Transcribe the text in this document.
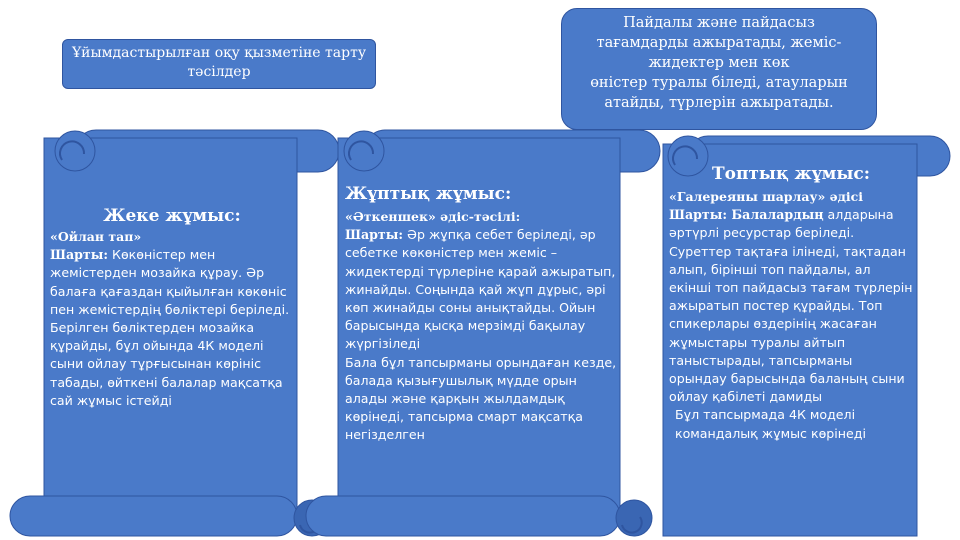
Ұйымдастырылған оқу қызметіне тарту тәсілдер
Пайдалы және пайдасыз
тағамдарды ажыратады, жеміс-
жидектер мен көк
өністер туралы біледі, атауларын
атайды, түрлерін ажыратады.
Жеке жұмыс:
«Ойлан тап»

Шарты: Көкөністер мен жемістерден мозайка құрау. Әр балаға қағаздан қыйылған көкөніс пен жемістердің бөліктері беріледі. Берілген бөліктерден мозайка құрайды, бұл ойында 4К моделі сыни ойлау тұрғысынан көрініс табады, өйткені балалар мақсатқа сай жұмыс істейді

Жұптық жұмыс:
«Әткеншек» әдіс-тәсілі:

Шарты: Әр жұпқа себет беріледі, әр себетке көкөністер мен жеміс – жидектерді түрлеріне қарай ажыратып, жинайды. Соңында қай жұп дұрыс, әрі көп жинайды соны анықтайды. Ойын барысында қысқа мерзімді бақылау жүргізіледі

Бала бұл тапсырманы орындаған кезде, балада қызығушылық мүдде орын алады және қарқын жылдамдық көрінеді, тапсырма смарт мақсатқа негізделген

Топтық жұмыс:
«Галереяны шарлау» әдісі

Шарты: Балалардың алдарына әртүрлі ресурстар беріледі. Суреттер тақтаға ілінеді, тақтадан алып, бірінші топ пайдалы, ал екінші топ пайдасыз тағам түрлерін ажыратып постер құрайды. Топ спикерлары өздерінің жасаған жұмыстары туралы айтып таныстырады, тапсырманы орындау барысында баланың сыни ойлау қабілеті дамиды

Бұл тапсырмада 4К моделі командалық жұмыс көрінеді
